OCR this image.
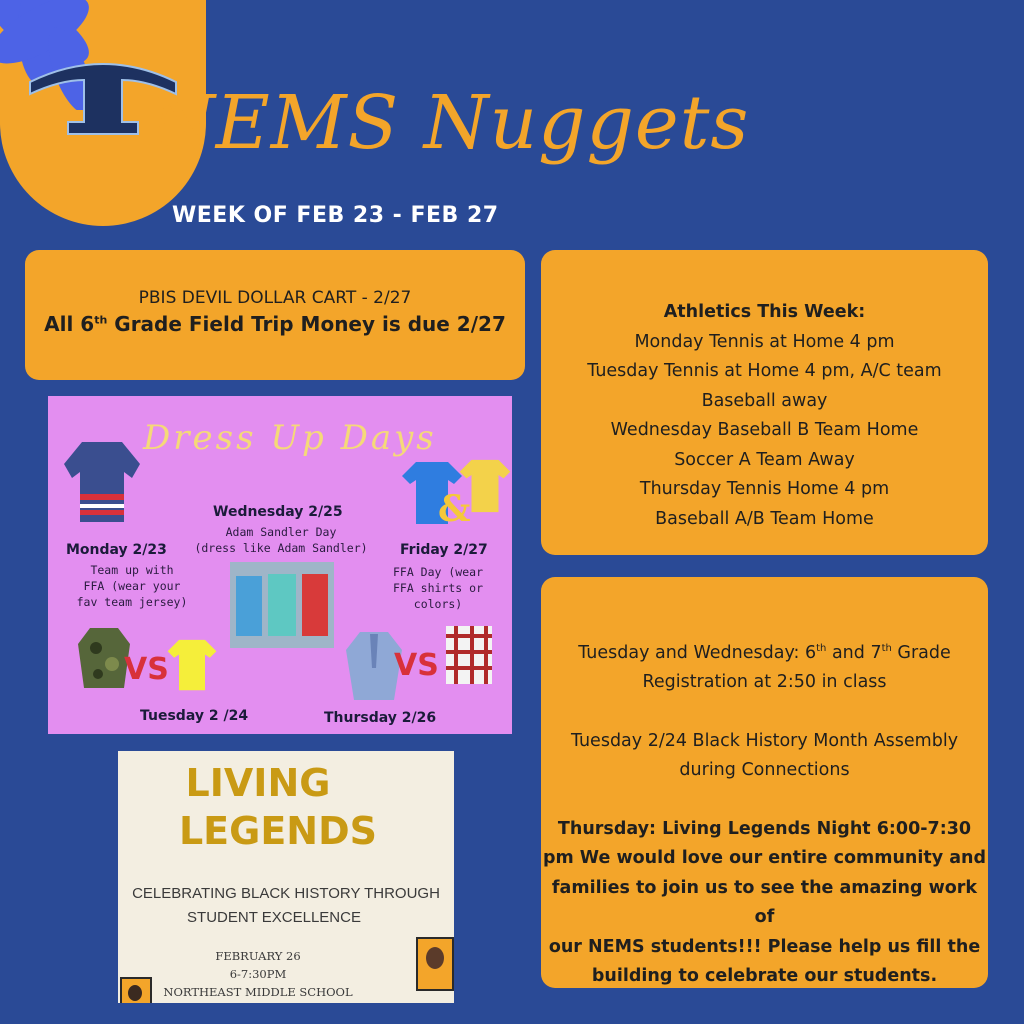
NEMS Nuggets
WEEK OF FEB 23 - FEB 27
PBIS DEVIL DOLLAR CART - 2/27
All 6th Grade Field Trip Money is due 2/27	Athletics This Week:
Monday Tennis at Home 4 pm
Tuesday Tennis at Home 4 pm, A/C team
Baseball away
Wednesday Baseball B Team Home
Soccer A Team Away
Thursday Tennis Home 4 pm
Baseball A/B Team Home
Tuesday and Wednesday: 6th and 7th Grade
Registration at 2:50 in class
Tuesday 2/24 Black History Month Assembly
during Connections
Thursday: Living Legends Night 6:00-7:30
pm We would love our entire community and
families to join us to see the amazing work of
our NEMS students!!! Please help us fill the
building to celebrate our students.
Dress Up Days
&
Monday 2/23
Team up with
FFA (wear your
fav team jersey)
Wednesday 2/25
Adam Sandler Day
(dress like Adam Sandler)	Friday 2/27
FFA Day (wear
FFA shirts or
colors)
VS	VS
Tuesday 2 /24	Thursday 2/26
LIVING
LEGENDS
CELEBRATING BLACK HISTORY THROUGH
STUDENT EXCELLENCE
FEBRUARY 26
6-7:30PM
NORTHEAST MIDDLE SCHOOL
